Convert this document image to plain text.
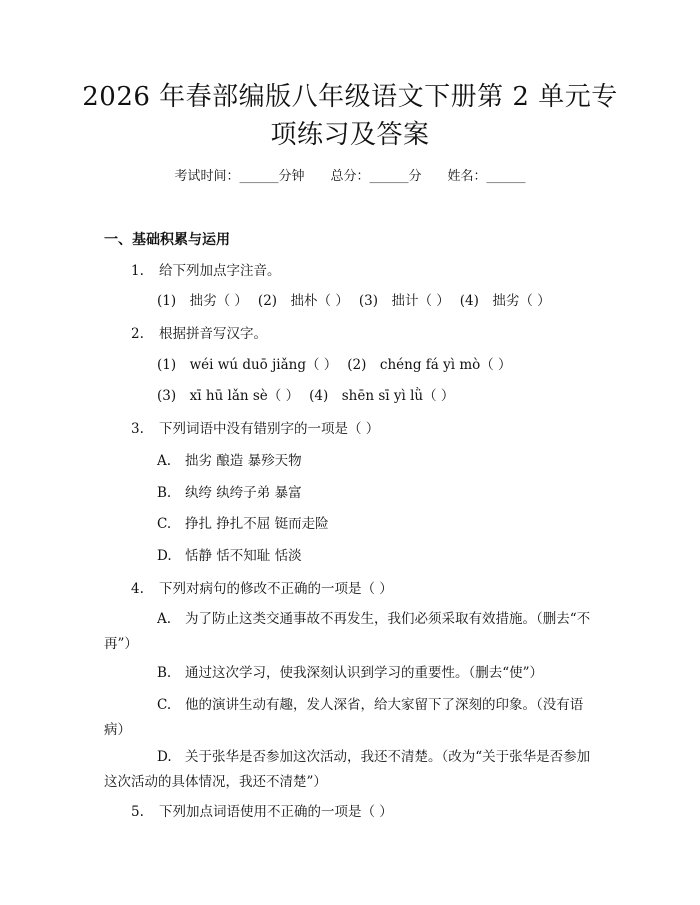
2026 年春部编版八年级语文下册第 2 单元专
项练习及答案
考试时间：______分钟 总分：______分 姓名：______
一、基础积累与运用
1. 给下列加点字注音。
(1)　拙劣（ ） (2)　拙朴（ ） (3)　拙计（ ） (4)　拙劣（ ）
2. 根据拼音写汉字。
(1)　wéi wú duō jiǎng（ ） (2)　chéng fá yì mò（ ）
(3)　xī hū lǎn sè（ ） (4)　shēn sī yì lǜ（ ）
3. 下列词语中没有错别字的一项是（ ）
A. 拙劣 酿造 暴殄天物
B. 纨绔 纨绔子弟 暴富
C. 挣扎 挣扎不屈 铤而走险
D. 恬静 恬不知耻 恬淡
4. 下列对病句的修改不正确的一项是（ ）
A. 为了防止这类交通事故不再发生，我们必须采取有效措施。（删去“不再”）
B. 通过这次学习，使我深刻认识到学习的重要性。（删去“使”）
C. 他的演讲生动有趣，发人深省，给大家留下了深刻的印象。（没有语病）
D. 关于张华是否参加这次活动，我还不清楚。（改为“关于张华是否参加这次活动的具体情况，我还不清楚”）
5. 下列加点词语使用不正确的一项是（ ）
